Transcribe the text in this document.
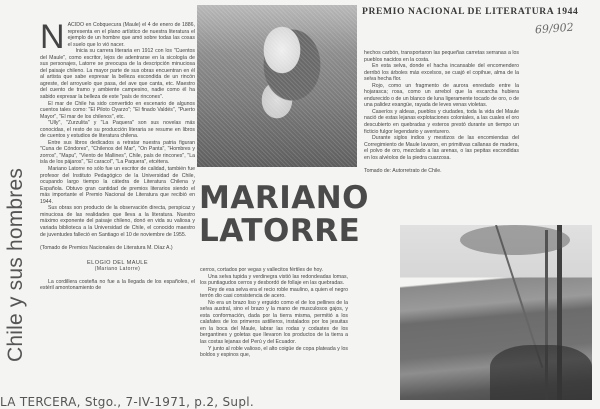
Chile y sus hombres

NACIDO en Cobquecura (Maule) el 4 de enero de 1886, representa en el plano artístico de nuestra literatura el ejemplo de un hombre que amó sobre todas las cosas el suelo que lo vió nacer.

Inicia su carrera literaria en 1912 con los "Cuentos del Maule", como escritor, lejos de adentrarse en la sicología de sus personajes, Latorre se preocupa de la descripción minuciosa del paisaje chileno. La mayor parte de sus obras encuentran en él al artista que sabe expresar la belleza escondida de un rincón agreste, del arroyuelo que pasa, del ave que canta, etc. Maestro del cuento de tramo y ambiente campesino, nadie como él ha sabido expresar la belleza de este "país de rincones".

El mar de Chile ha sido convertido en escenario de algunos cuentos tales como: "El Piloto Oyarzo"; "El finado Valdés", "Puerto Mayor", "El mar de los chilenos", etc.

"Ully", "Zurzulita" y "La Paquera" son sus novelas más conocidas, el resto de su producción literaria se resume en libros de cuentos y estudios de literatura chilena.

Entre sus libros dedicados a retratar nuestra patria figuran "Cuna de Cóndores", "Chilenos del Mar", "On Panta", "Hombres y zorros", "Mapu", "Viento de Mallines", Chile, país de rincones", "La isla de los pájaros", "El caracol", "La Paquera", etcétera.

Mariano Latorre no sólo fue un escritor de calidad, también fue profesor del Instituto Pedagógico de la Universidad de Chile, ocupando largo tiempo la cátedra de Literatura Chilena y Española. Obtuvo gran cantidad de premios literarios siendo el más importante el Premio Nacional de Literatura que recibió en 1944.

Sus obras son producto de la observación directa, perspicaz y minuciosa de las realidades que lleva a la literatura. Nuestro máximo exponente del paisaje chileno, donó en vida su valiosa y variada biblioteca a la Universidad de Chile, el conocido maestro de juventudes falleció en Santiago el 10 de noviembre de 1955.

(Tomado de Premios Nacionales de Literatura M. Díaz A.)

ELOGIO DEL MAULE
(Mariano Latorre)

La cordillera costeña no fue a la llegada de los españoles, el estéril amontonamiento de

MARIANO
LATORRE

cerros, cortados por vegas y vallecitos fértiles de hoy.

Una selva tupida y verdinegra vistió las redondeadas lomas, los puntiagudos cerros y desbordó de follaje en las quebradas.

Rey de esa selva era el recio roble maulino, a quien el negro terrón dio casi consistencia de acero.

No era un brazo liso y erguido como el de los pellines de la selva austral, sino el brazo y la mano de musculosos gajos, y esta conformación, dada por la tierra misma, permitió a los calafates de los primeros astilleros, instalados por los jesuitas en la boca del Maule, labrar las rodas y codastes de los bergantines y goletas que llevaron los productos de la tierra a las costas lejanas del Perú y del Ecuador.

Y junto al roble valioso, el alto coigüe de copa plateada y los boldos y espinos que,

PREMIO NACIONAL DE LITERATURA 1944
69/902

hechos carbón, transportaron las pequeñas carretas serranas a los pueblos nacidos en la costa.

En esta selva, donde el hacha incansable del encomendero derribó los árboles más excelsos, se cuajó el copihue, alma de la selva hecha flor.

Rojo, como un fragmento de aurora enredado entre la hojarasca; rosa, como un arrebol que la escarcha hubiera endurecido o de un blanco de luna ligeramente tocado de oro, o de una palidez exangüe, rayada de leves venas violetas.

Caseríos y aldeas, pueblos y ciudades, toda la vida del Maule nació de estas lejanas explotaciones coloniales, a las cuales el oro descubierto en quebradas y esteros prestó durante un tiempo un ficticio fulgor legendario y aventurero.

Durante siglos indios y mestizos de las encomiendas del Corregimiento de Maule lavaron, en primitivas callanas de madera, el polvo de oro, mezclado a las arenas, o las pepitas escondidas en los alvéolos de la piedra cuarzosa.

Tomado de: Autorretrato de Chile.

LA TERCERA, Stgo., 7-IV-1971, p.2, Supl.
